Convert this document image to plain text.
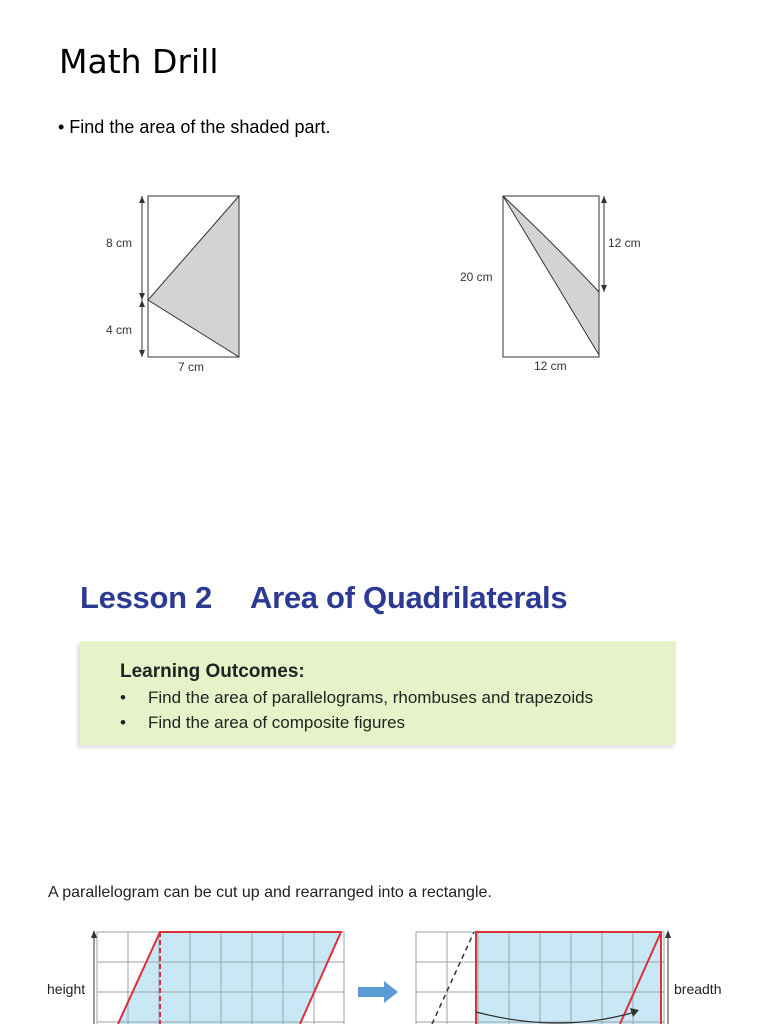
Math Drill
• Find the area of the shaded part.
8 cm
4 cm
7 cm
20 cm
12 cm
12 cm
Lesson 2 Area of Quadrilaterals
Learning Outcomes:
• Find the area of parallelograms, rhombuses and trapezoids
• Find the area of composite figures
A parallelogram can be cut up and rearranged into a rectangle.
height	breadth
